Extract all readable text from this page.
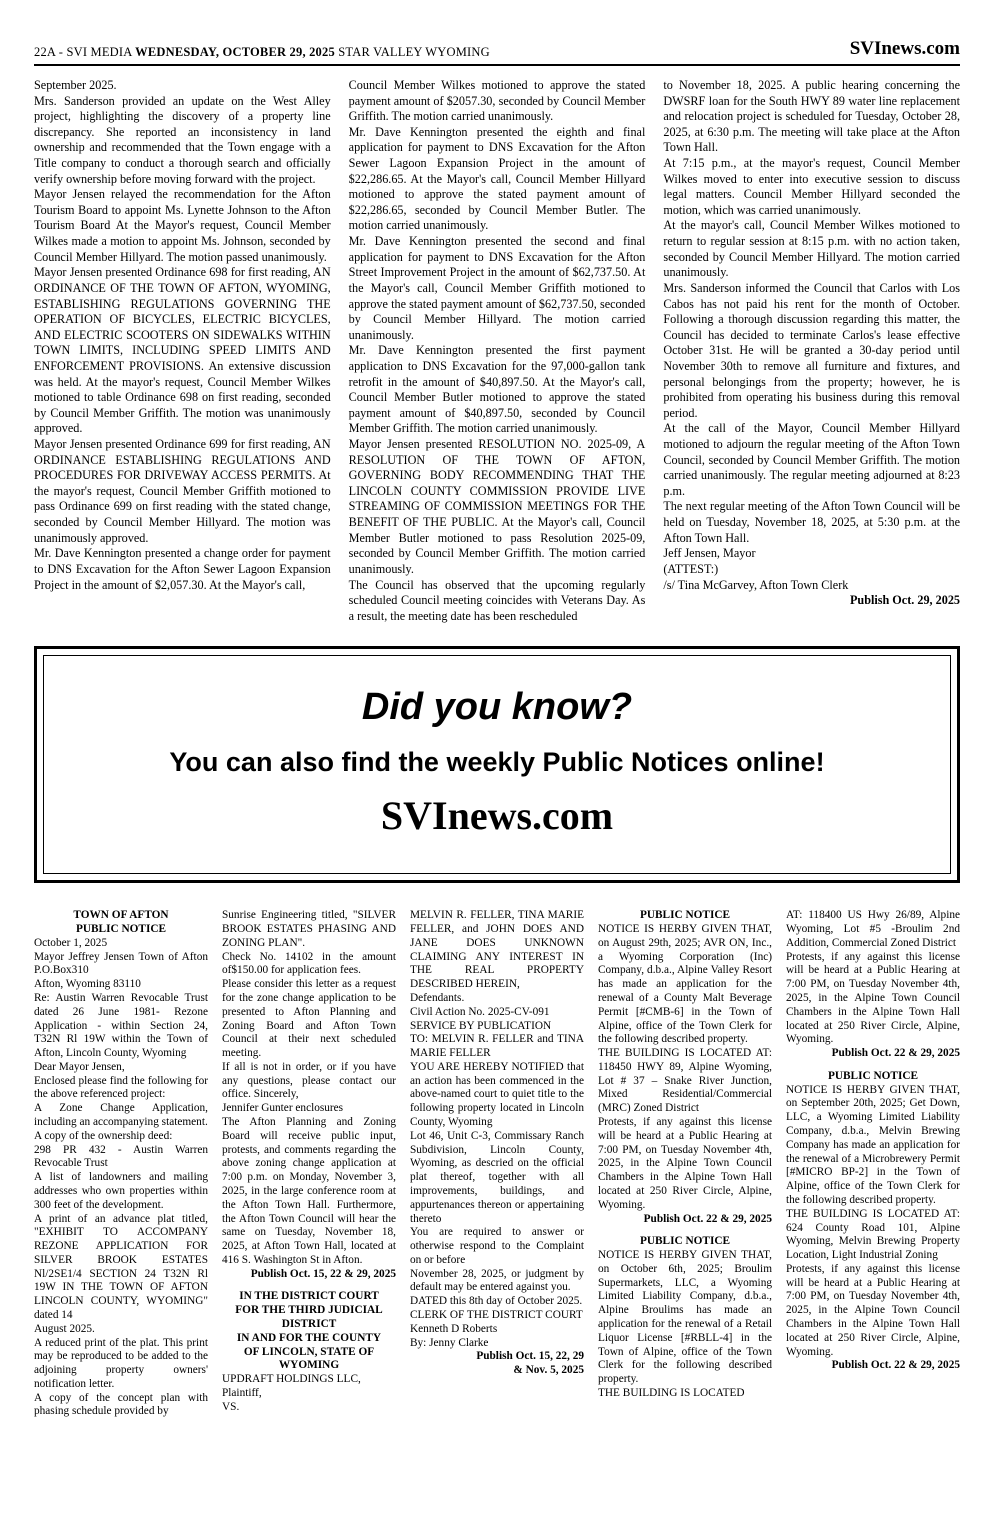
22A - SVI MEDIA WEDNESDAY, OCTOBER 29, 2025 STAR VALLEY WYOMING	SVInews.com

September 2025.

Mrs. Sanderson provided an update on the West Alley project, highlighting the discovery of a property line discrepancy. She reported an inconsistency in land ownership and recommended that the Town engage with a Title company to conduct a thorough search and officially verify ownership before moving forward with the project.

Mayor Jensen relayed the recommendation for the Afton Tourism Board to appoint Ms. Lynette Johnson to the Afton Tourism Board At the Mayor's request, Council Member Wilkes made a motion to appoint Ms. Johnson, seconded by Council Member Hillyard. The motion passed unanimously.

Mayor Jensen presented Ordinance 698 for first reading, AN ORDINANCE OF THE TOWN OF AFTON, WYOMING, ESTABLISHING REGULATIONS GOVERNING THE OPERATION OF BICYCLES, ELECTRIC BICYCLES, AND ELECTRIC SCOOTERS ON SIDEWALKS WITHIN TOWN LIMITS, INCLUDING SPEED LIMITS AND ENFORCEMENT PROVISIONS. An extensive discussion was held. At the mayor's request, Council Member Wilkes motioned to table Ordinance 698 on first reading, seconded by Council Member Griffith. The motion was unanimously approved.

Mayor Jensen presented Ordinance 699 for first reading, AN ORDINANCE ESTABLISHING REGULATIONS AND PROCEDURES FOR DRIVEWAY ACCESS PERMITS. At the mayor's request, Council Member Griffith motioned to pass Ordinance 699 on first reading with the stated change, seconded by Council Member Hillyard. The motion was unanimously approved.

Mr. Dave Kennington presented a change order for payment to DNS Excavation for the Afton Sewer Lagoon Expansion Project in the amount of $2,057.30. At the Mayor's call,

Council Member Wilkes motioned to approve the stated payment amount of $2057.30, seconded by Council Member Griffith. The motion carried unanimously.

Mr. Dave Kennington presented the eighth and final application for payment to DNS Excavation for the Afton Sewer Lagoon Expansion Project in the amount of $22,286.65. At the Mayor's call, Council Member Hillyard motioned to approve the stated payment amount of $22,286.65, seconded by Council Member Butler. The motion carried unanimously.

Mr. Dave Kennington presented the second and final application for payment to DNS Excavation for the Afton Street Improvement Project in the amount of $62,737.50. At the Mayor's call, Council Member Griffith motioned to approve the stated payment amount of $62,737.50, seconded by Council Member Hillyard. The motion carried unanimously.

Mr. Dave Kennington presented the first payment application to DNS Excavation for the 97,000-gallon tank retrofit in the amount of $40,897.50. At the Mayor's call, Council Member Butler motioned to approve the stated payment amount of $40,897.50, seconded by Council Member Griffith. The motion carried unanimously.

Mayor Jensen presented RESOLUTION NO. 2025-09, A RESOLUTION OF THE TOWN OF AFTON, GOVERNING BODY RECOMMENDING THAT THE LINCOLN COUNTY COMMISSION PROVIDE LIVE STREAMING OF COMMISSION MEETINGS FOR THE BENEFIT OF THE PUBLIC. At the Mayor's call, Council Member Butler motioned to pass Resolution 2025-09, seconded by Council Member Griffith. The motion carried unanimously.

The Council has observed that the upcoming regularly scheduled Council meeting coincides with Veterans Day. As a result, the meeting date has been rescheduled

to November 18, 2025. A public hearing concerning the DWSRF loan for the South HWY 89 water line replacement and relocation project is scheduled for Tuesday, October 28, 2025, at 6:30 p.m. The meeting will take place at the Afton Town Hall.

At 7:15 p.m., at the mayor's request, Council Member Wilkes moved to enter into executive session to discuss legal matters. Council Member Hillyard seconded the motion, which was carried unanimously.

At the mayor's call, Council Member Wilkes motioned to return to regular session at 8:15 p.m. with no action taken, seconded by Council Member Hillyard. The motion carried unanimously.

Mrs. Sanderson informed the Council that Carlos with Los Cabos has not paid his rent for the month of October. Following a thorough discussion regarding this matter, the Council has decided to terminate Carlos's lease effective October 31st. He will be granted a 30-day period until November 30th to remove all furniture and fixtures, and personal belongings from the property; however, he is prohibited from operating his business during this removal period.

At the call of the Mayor, Council Member Hillyard motioned to adjourn the regular meeting of the Afton Town Council, seconded by Council Member Griffith. The motion carried unanimously. The regular meeting adjourned at 8:23 p.m.

The next regular meeting of the Afton Town Council will be held on Tuesday, November 18, 2025, at 5:30 p.m. at the Afton Town Hall.

Jeff Jensen, Mayor

(ATTEST:)

/s/ Tina McGarvey, Afton Town Clerk

Publish Oct. 29, 2025

Did you know?
You can also find the weekly Public Notices online!
SVInews.com

TOWN OF AFTON

PUBLIC NOTICE

October 1, 2025

Mayor Jeffrey Jensen Town of Afton P.O.Box310

Afton, Wyoming 83110

Re: Austin Warren Revocable Trust dated 26 June 1981- Rezone Application - within Section 24, T32N Rl 19W within the Town of Afton, Lincoln County, Wyoming

Dear Mayor Jensen,

Enclosed please find the following for the above referenced project:

A Zone Change Application, including an accompanying statement.

A copy of the ownership deed:

298 PR 432 - Austin Warren Revocable Trust

A list of landowners and mailing addresses who own properties within 300 feet of the development.

A print of an advance plat titled, "EXHIBIT TO ACCOMPANY REZONE APPLICATION FOR SILVER BROOK ESTATES Nl/2SE1/4 SECTION 24 T32N Rl 19W IN THE TOWN OF AFTON LINCOLN COUNTY, WYOMING" dated 14

August 2025.

A reduced print of the plat. This print may be reproduced to be added to the adjoining property owners' notification letter.

A copy of the concept plan with phasing schedule provided by

Sunrise Engineering titled, "SILVER BROOK ESTATES PHASING AND ZONING PLAN".

Check No. 14102 in the amount of$150.00 for application fees.

Please consider this letter as a request for the zone change application to be presented to Afton Planning and Zoning Board and Afton Town Council at their next scheduled meeting.

If all is not in order, or if you have any questions, please contact our office. Sincerely,

Jennifer Gunter enclosures

The Afton Planning and Zoning Board will receive public input, protests, and comments regarding the above zoning change application at 7:00 p.m. on Monday, November 3, 2025, in the large conference room at the Afton Town Hall. Furthermore, the Afton Town Council will hear the same on Tuesday, November 18, 2025, at Afton Town Hall, located at 416 S. Washington St in Afton.

Publish Oct. 15, 22 & 29, 2025

IN THE DISTRICT COURT

FOR THE THIRD JUDICIAL

DISTRICT

IN AND FOR THE COUNTY

OF LINCOLN, STATE OF

WYOMING

UPDRAFT HOLDINGS LLC,

Plaintiff,

VS.

MELVIN R. FELLER, TINA MARIE FELLER, and JOHN DOES AND JANE DOES UNKNOWN CLAIMING ANY INTEREST IN THE REAL PROPERTY DESCRIBED HEREIN,

Defendants.

Civil Action No. 2025-CV-091

SERVICE BY PUBLICATION

TO: MELVIN R. FELLER and TINA MARIE FELLER

YOU ARE HEREBY NOTIFIED that an action has been commenced in the above-named court to quiet title to the following property located in Lincoln County, Wyoming

Lot 46, Unit C-3, Commissary Ranch Subdivision, Lincoln County, Wyoming, as descried on the official plat thereof, together with all improvements, buildings, and appurtenances thereon or appertaining thereto

You are required to answer or otherwise respond to the Complaint on or before

November 28, 2025, or judgment by default may be entered against you.

DATED this 8th day of October 2025.

CLERK OF THE DISTRICT COURT

Kenneth D Roberts

By: Jenny Clarke

Publish Oct. 15, 22, 29

& Nov. 5, 2025

PUBLIC NOTICE

NOTICE IS HERBY GIVEN THAT, on August 29th, 2025; AVR ON, Inc., a Wyoming Corporation (Inc) Company, d.b.a., Alpine Valley Resort has made an application for the renewal of a County Malt Beverage Permit [#CMB-6] in the Town of Alpine, office of the Town Clerk for the following described property.

THE BUILDING IS LOCATED AT: 118450 HWY 89, Alpine Wyoming, Lot # 37 – Snake River Junction, Mixed Residential/Commercial (MRC) Zoned District

Protests, if any against this license will be heard at a Public Hearing at 7:00 PM, on Tuesday November 4th, 2025, in the Alpine Town Council Chambers in the Alpine Town Hall located at 250 River Circle, Alpine, Wyoming.

Publish Oct. 22 & 29, 2025

PUBLIC NOTICE

NOTICE IS HERBY GIVEN THAT, on October 6th, 2025; Broulim Supermarkets, LLC, a Wyoming Limited Liability Company, d.b.a., Alpine Broulims has made an application for the renewal of a Retail Liquor License [#RBLL-4] in the Town of Alpine, office of the Town Clerk for the following described property.

THE BUILDING IS LOCATED

AT: 118400 US Hwy 26/89, Alpine Wyoming, Lot #5 -Broulim 2nd Addition, Commercial Zoned District

Protests, if any against this license will be heard at a Public Hearing at 7:00 PM, on Tuesday November 4th, 2025, in the Alpine Town Council Chambers in the Alpine Town Hall located at 250 River Circle, Alpine, Wyoming.

Publish Oct. 22 & 29, 2025

PUBLIC NOTICE

NOTICE IS HERBY GIVEN THAT, on September 20th, 2025; Get Down, LLC, a Wyoming Limited Liability Company, d.b.a., Melvin Brewing Company has made an application for the renewal of a Microbrewery Permit [#MICRO BP-2] in the Town of Alpine, office of the Town Clerk for the following described property.

THE BUILDING IS LOCATED AT: 624 County Road 101, Alpine Wyoming, Melvin Brewing Property Location, Light Industrial Zoning

Protests, if any against this license will be heard at a Public Hearing at 7:00 PM, on Tuesday November 4th, 2025, in the Alpine Town Council Chambers in the Alpine Town Hall located at 250 River Circle, Alpine, Wyoming.

Publish Oct. 22 & 29, 2025
